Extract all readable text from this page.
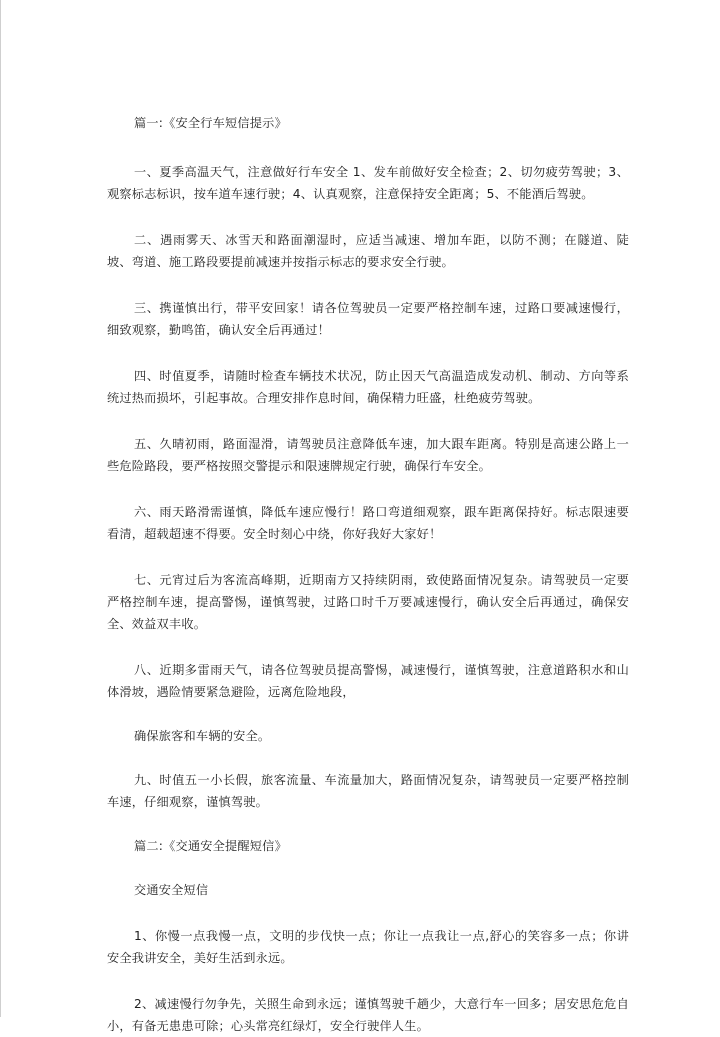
篇一:《安全行车短信提示》

一、夏季高温天气，注意做好行车安全 1、发车前做好安全检查；2、切勿疲劳驾驶；3、观察标志标识，按车道车速行驶；4、认真观察，注意保持安全距离；5、不能酒后驾驶。

二、遇雨雾天、冰雪天和路面潮湿时，应适当减速、增加车距，以防不测；在隧道、陡坡、弯道、施工路段要提前减速并按指示标志的要求安全行驶。

三、携谨慎出行，带平安回家！请各位驾驶员一定要严格控制车速，过路口要减速慢行，细致观察，勤鸣笛，确认安全后再通过！

四、时值夏季，请随时检查车辆技术状况，防止因天气高温造成发动机、制动、方向等系统过热而损坏，引起事故。合理安排作息时间，确保精力旺盛，杜绝疲劳驾驶。

五、久晴初雨，路面湿滑，请驾驶员注意降低车速，加大跟车距离。特别是高速公路上一些危险路段，要严格按照交警提示和限速牌规定行驶，确保行车安全。

六、雨天路滑需谨慎，降低车速应慢行！路口弯道细观察，跟车距离保持好。标志限速要看清，超载超速不得要。安全时刻心中绕，你好我好大家好！

七、元宵过后为客流高峰期，近期南方又持续阴雨，致使路面情况复杂。请驾驶员一定要严格控制车速，提高警惕，谨慎驾驶，过路口时千万要减速慢行，确认安全后再通过，确保安全、效益双丰收。

八、近期多雷雨天气，请各位驾驶员提高警惕，减速慢行，谨慎驾驶，注意道路积水和山体滑坡，遇险情要紧急避险，远离危险地段，

确保旅客和车辆的安全。

九、时值五一小长假，旅客流量、车流量加大，路面情况复杂，请驾驶员一定要严格控制车速，仔细观察，谨慎驾驶。

篇二:《交通安全提醒短信》

交通安全短信

1、你慢一点我慢一点，文明的步伐快一点；你让一点我让一点,舒心的笑容多一点；你讲安全我讲安全，美好生活到永远。

2、减速慢行勿争先，关照生命到永远；谨慎驾驶千趟少，大意行车一回多；居安思危危自小，有备无患患可除；心头常亮红绿灯，安全行驶伴人生。
